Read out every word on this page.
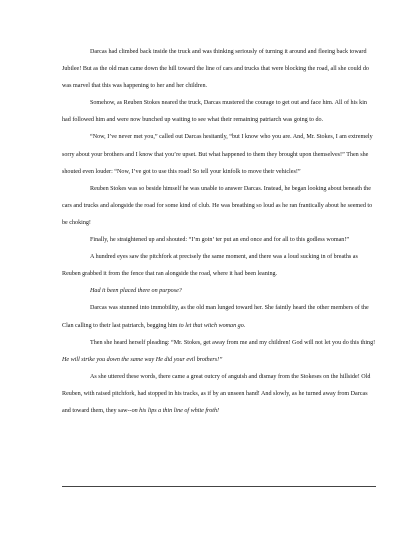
Darcas had climbed back inside the truck and was thinking seriously of turning it around and fleeing back toward Jubilee! But as the old man came down the hill toward the line of cars and trucks that were blocking the road, all she could do was marvel that this was happening to her and her children.

Somehow, as Reuben Stokes neared the truck, Darcas mustered the courage to get out and face him. All of his kin had followed him and were now bunched up waiting to see what their remaining patriarch was going to do.

“Now, I’ve never met you,” called out Darcas hesitantly, “but I know who you are. And, Mr. Stokes, I am extremely sorry about your brothers and I know that you’re upset. But what happened to them they brought upon themselves!” Then she shouted even louder: “Now, I’ve got to use this road! So tell your kinfolk to move their vehicles!”

Reuben Stokes was so beside himself he was unable to answer Darcas. Instead, he began looking about beneath the cars and trucks and alongside the road for some kind of club. He was breathing so loud as he ran frantically about he seemed to be choking!

Finally, he straightened up and shouted: “I’m goin’ ter put an end once and for all to this godless woman!”

A hundred eyes saw the pitchfork at precisely the same moment, and there was a loud sucking in of breaths as Reuben grabbed it from the fence that ran alongside the road, where it had been leaning.

Had it been placed there on purpose?

Darcas was stunned into immobility, as the old man lunged toward her. She faintly heard the other members of the Clan calling to their last patriarch, begging him to let that witch woman go.

Then she heard herself pleading: “Mr. Stokes, get away from me and my children! God will not let you do this thing! He will strike you down the same way He did your evil brothers!”

As she uttered these words, there came a great outcry of anguish and dismay from the Stokeses on the hillside! Old Reuben, with raised pitchfork, had stopped in his tracks, as if by an unseen hand! And slowly, as he turned away from Darcas and toward them, they saw--on his lips a thin line of white froth!
